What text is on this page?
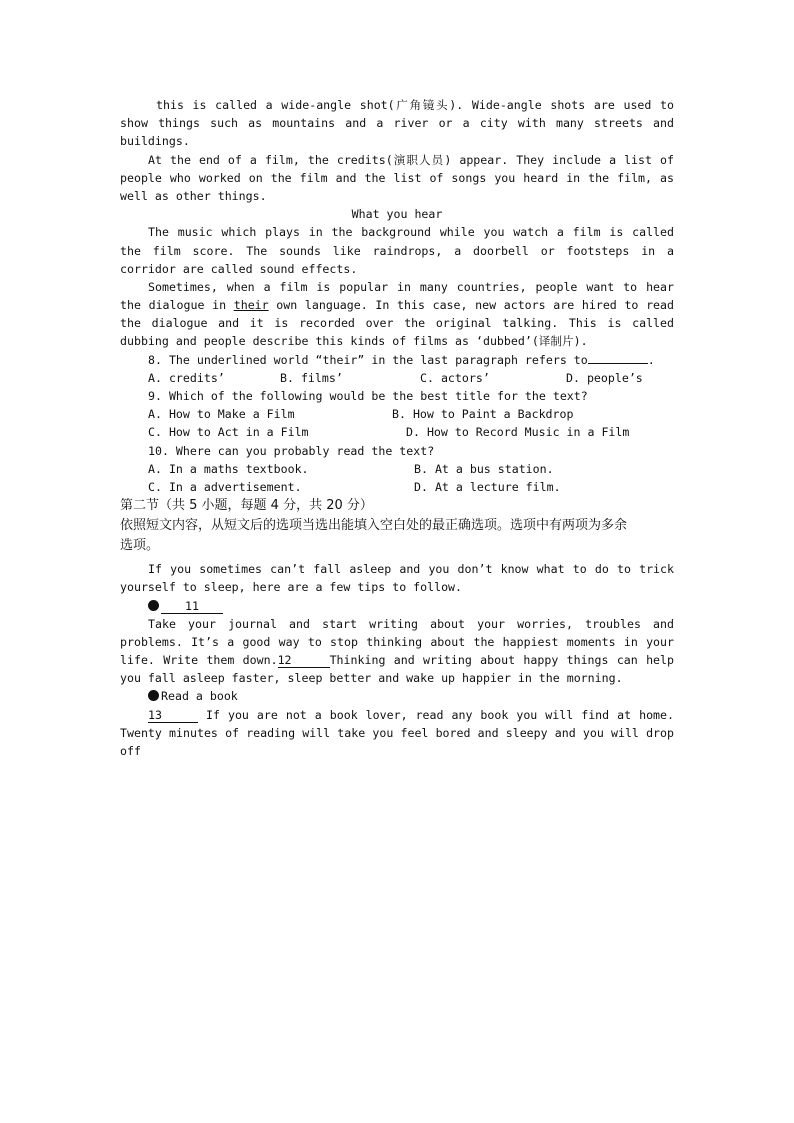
this is called a wide-angle shot(广角镜头). Wide-angle shots are used to
show things such as mountains and a river or a city with many streets and
buildings.
At the end of a film, the credits(演职人员) appear. They include a list of
people who worked on the film and the list of songs you heard in the film, as
well as other things.
What you hear
The music which plays in the background while you watch a film is called
the film score. The sounds like raindrops, a doorbell or footsteps in a
corridor are called sound effects.
Sometimes, when a film is popular in many countries, people want to hear
the dialogue in their own language. In this case, new actors are hired to read
the dialogue and it is recorded over the original talking. This is called
dubbing and people describe this kinds of films as ‘dubbed’(译制片).
8. The underlined world “their” in the last paragraph refers to	.
A. credits’	B. films’	C. actors’	D. people’s
9. Which of the following would be the best title for the text?
A. How to Make a Film	B. How to Paint a Backdrop
C. How to Act in a Film	D. How to Record Music in a Film
10. Where can you probably read the text?
A. In a maths textbook.	B. At a bus station.
C. In a advertisement.	D. At a lecture film.
第二节（共 5 小题，每题 4 分，共 20 分）
依照短文内容，从短文后的选项当选出能填入空白处的最正确选项。选项中有两项为多余
选项。
If you sometimes can’t fall asleep and you don’t know what to do to trick
yourself to sleep, here are a few tips to follow.
11
Take your journal and start writing about your worries, troubles and
problems. It’s a good way to stop thinking about the happiest moments in your
life. Write them down.12	Thinking and writing about happy things can help
you fall asleep faster, sleep better and wake up happier in the morning.
Read a book
13	If you are not a book lover, read any book you will find at home.
Twenty minutes of reading will take you feel bored and sleepy and you will drop
off
